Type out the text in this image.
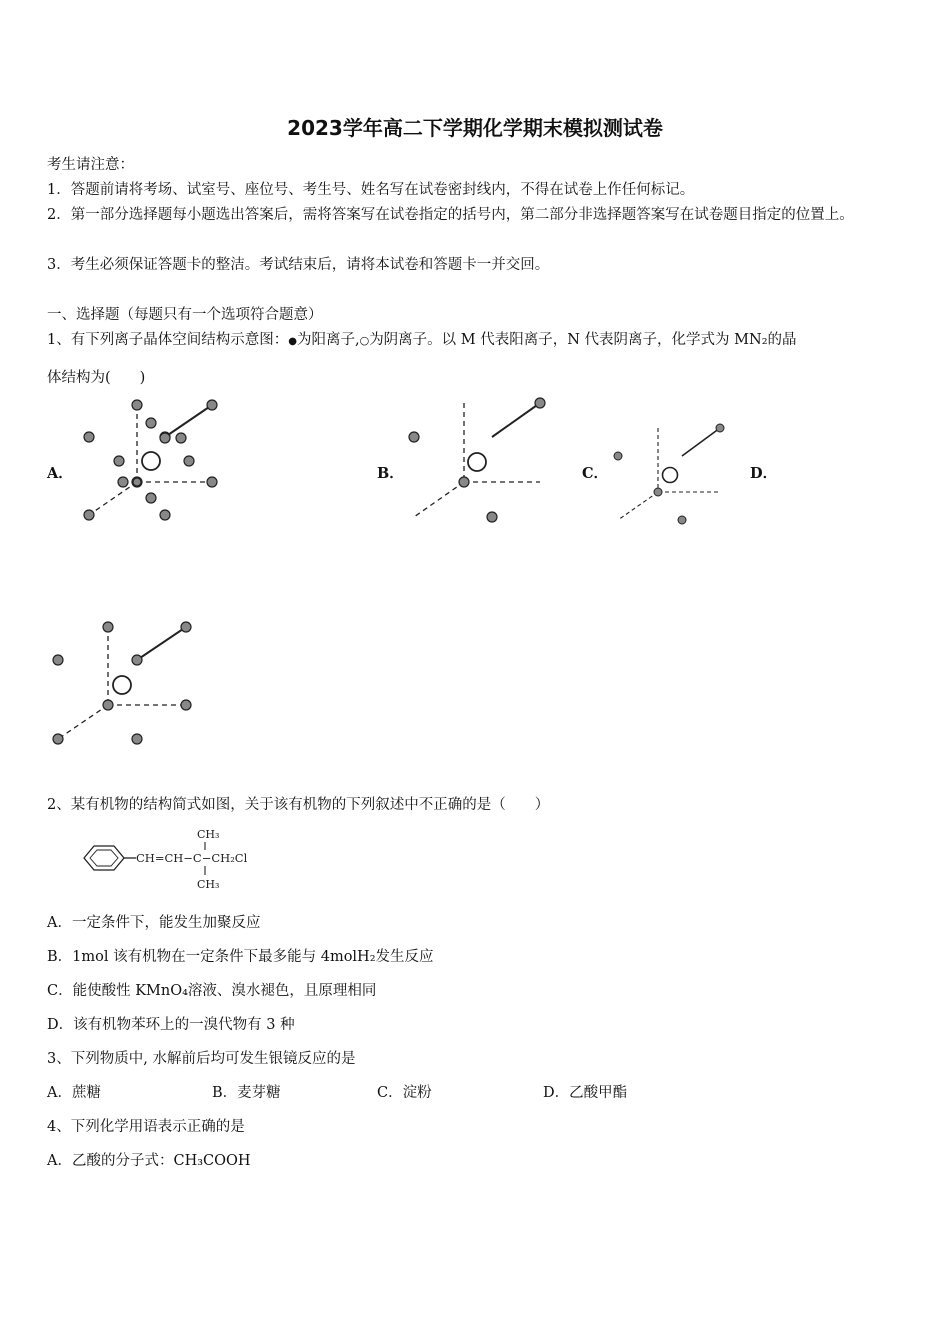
2023学年高二下学期化学期末模拟测试卷
考生请注意：
1．答题前请将考场、试室号、座位号、考生号、姓名写在试卷密封线内，不得在试卷上作任何标记。
2．第一部分选择题每小题选出答案后，需将答案写在试卷指定的括号内，第二部分非选择题答案写在试卷题目指定的位置上。
3．考生必须保证答题卡的整洁。考试结束后，请将本试卷和答题卡一并交回。
一、选择题（每题只有一个选项符合题意）
1、有下列离子晶体空间结构示意图：●为阳离子,○为阴离子。以 M 代表阳离子，N 代表阴离子，化学式为 MN₂的晶
体结构为(　　)
A．	B．	C．	D．
2、某有机物的结构简式如图，关于该有机物的下列叙述中不正确的是（　　）
CH₃
CH=CH−C−CH₂Cl
CH₃
A．一定条件下，能发生加聚反应
B．1mol 该有机物在一定条件下最多能与 4molH₂发生反应
C．能使酸性 KMnO₄溶液、溴水褪色，且原理相同
D．该有机物苯环上的一溴代物有 3 种
3、下列物质中, 水解前后均可发生银镜反应的是
A．蔗糖	B．麦芽糖	C．淀粉	D．乙酸甲酯
4、下列化学用语表示正确的是
A．乙酸的分子式：CH₃COOH
